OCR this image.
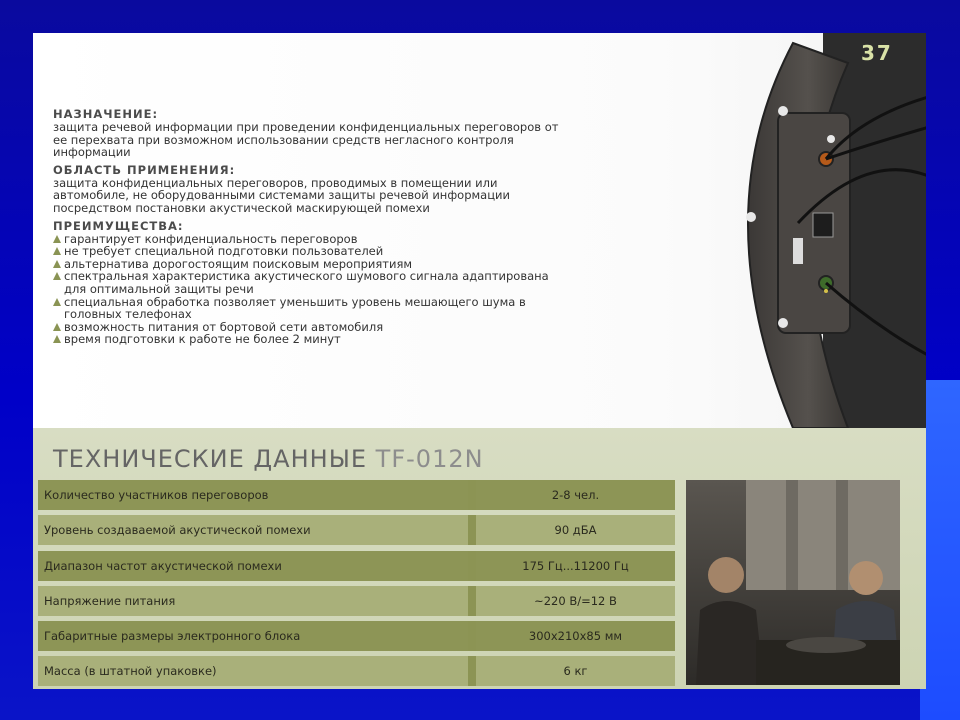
37

НАЗНАЧЕНИЕ:

защита речевой информации при проведении конфиденциальных переговоров от ее перехвата при возможном использовании средств негласного контроля информации

ОБЛАСТЬ ПРИМЕНЕНИЯ:

защита конфиденциальных переговоров, проводимых в помещении или автомобиле, не оборудованными системами защиты речевой информации посредством постановки акустической маскирующей помехи

ПРЕИМУЩЕСТВА:

гарантирует конфиденциальность переговоров
не требует специальной подготовки пользователей
альтернатива дорогостоящим поисковым мероприятиям
спектральная характеристика акустического шумового сигнала адаптирована для оптимальной защиты речи
специальная обработка позволяет уменьшить уровень мешающего шума в головных телефонах
возможность питания от бортовой сети автомобиля
время подготовки к работе не более 2 минут
ТЕХНИЧЕСКИЕ ДАННЫЕ TF-012N
Количество участников переговоров	2-8 чел.
Уровень создаваемой акустической помехи	90 дБА
Диапазон частот акустической помехи	175 Гц...11200 Гц
Напряжение питания	~220 В/=12 В
Габаритные размеры электронного блока	300х210х85 мм
Масса (в штатной упаковке)	6 кг
